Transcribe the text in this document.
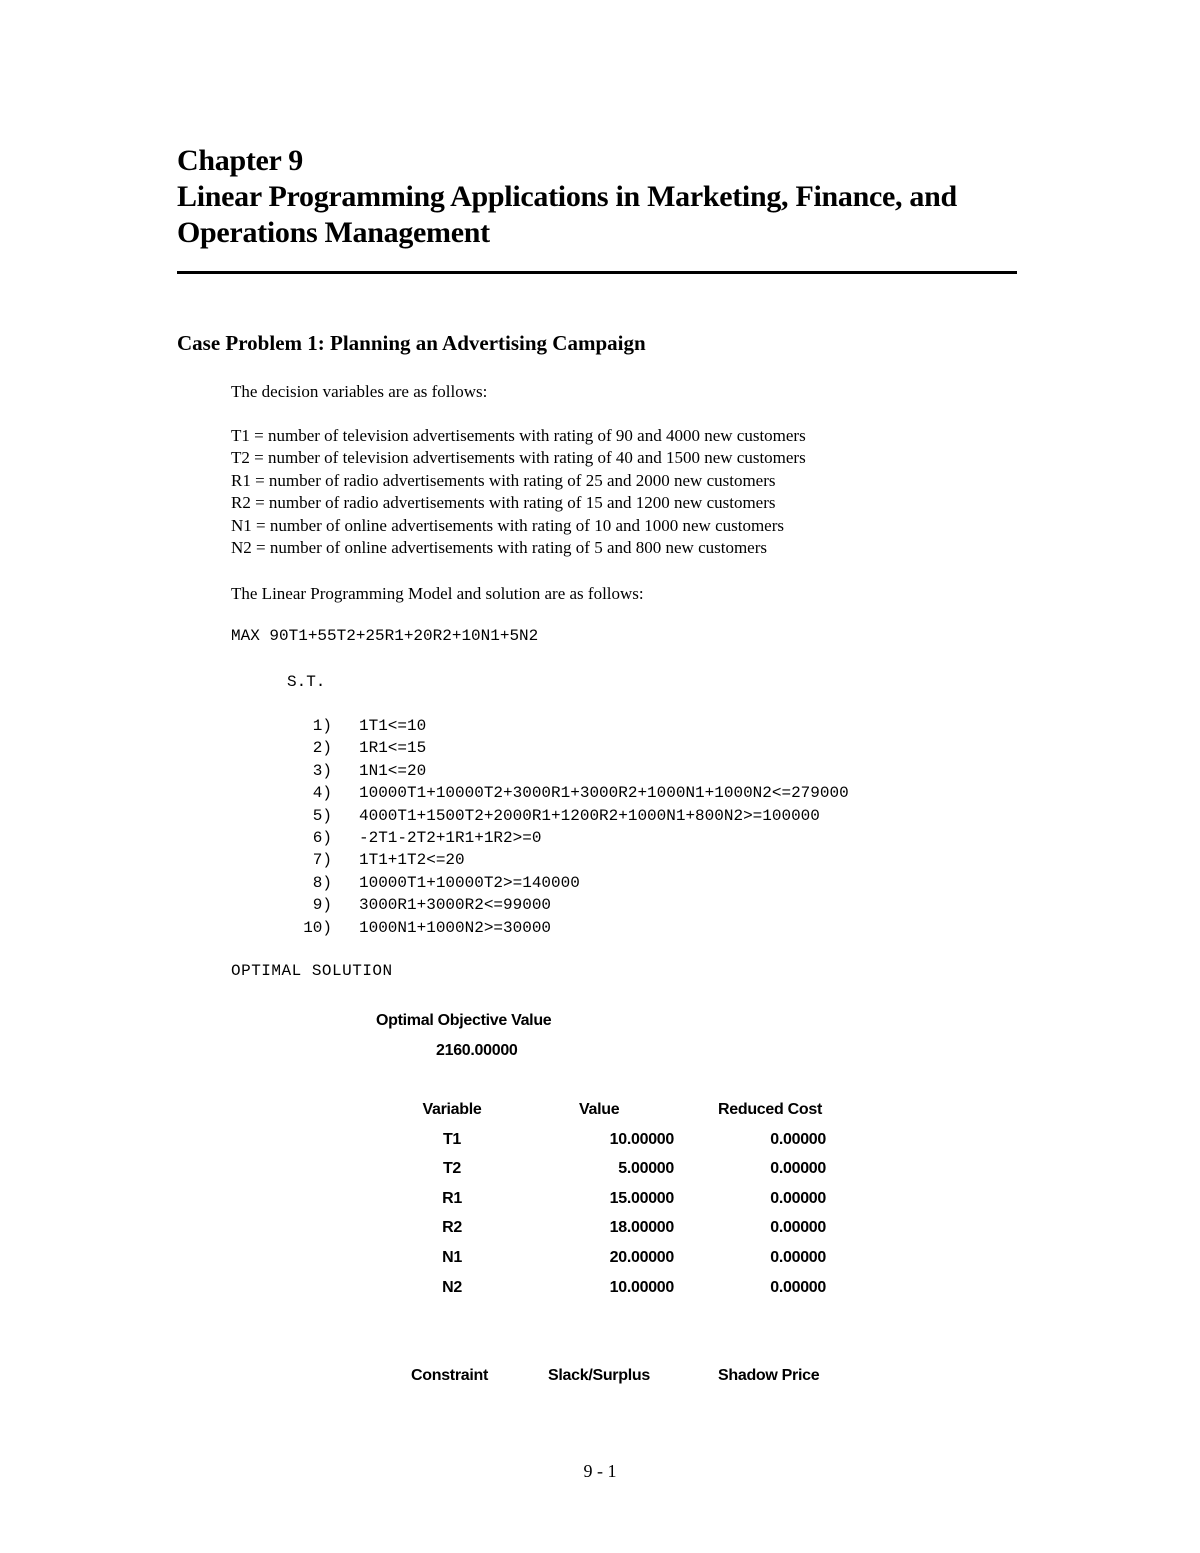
Chapter 9
Linear Programming Applications in Marketing, Finance, and
Operations Management
Case Problem 1: Planning an Advertising Campaign
The decision variables are as follows:
T1 = number of television advertisements with rating of 90 and 4000 new customers
T2 = number of television advertisements with rating of 40 and 1500 new customers
R1 = number of radio advertisements with rating of 25 and 2000 new customers
R2 = number of radio advertisements with rating of 15 and 1200 new customers
N1 = number of online advertisements with rating of 10 and 1000 new customers
N2 = number of online advertisements with rating of 5 and 800 new customers
The Linear Programming Model and solution are as follows:
MAX 90T1+55T2+25R1+20R2+10N1+5N2
S.T.
1) 1T1<=10
2) 1R1<=15
3) 1N1<=20
4) 10000T1+10000T2+3000R1+3000R2+1000N1+1000N2<=279000
5) 4000T1+1500T2+2000R1+1200R2+1000N1+800N2>=100000
6) -2T1-2T2+1R1+1R2>=0
7) 1T1+1T2<=20
8) 10000T1+10000T2>=140000
9) 3000R1+3000R2<=99000
10) 1000N1+1000N2>=30000
OPTIMAL SOLUTION
Optimal Objective Value
2160.00000
Variable	Value	Reduced Cost
T1	10.00000	0.00000
T2	5.00000	0.00000
R1	15.00000	0.00000
R2	18.00000	0.00000
N1	20.00000	0.00000
N2	10.00000	0.00000
Constraint	Slack/Surplus	Shadow Price
9 - 1
